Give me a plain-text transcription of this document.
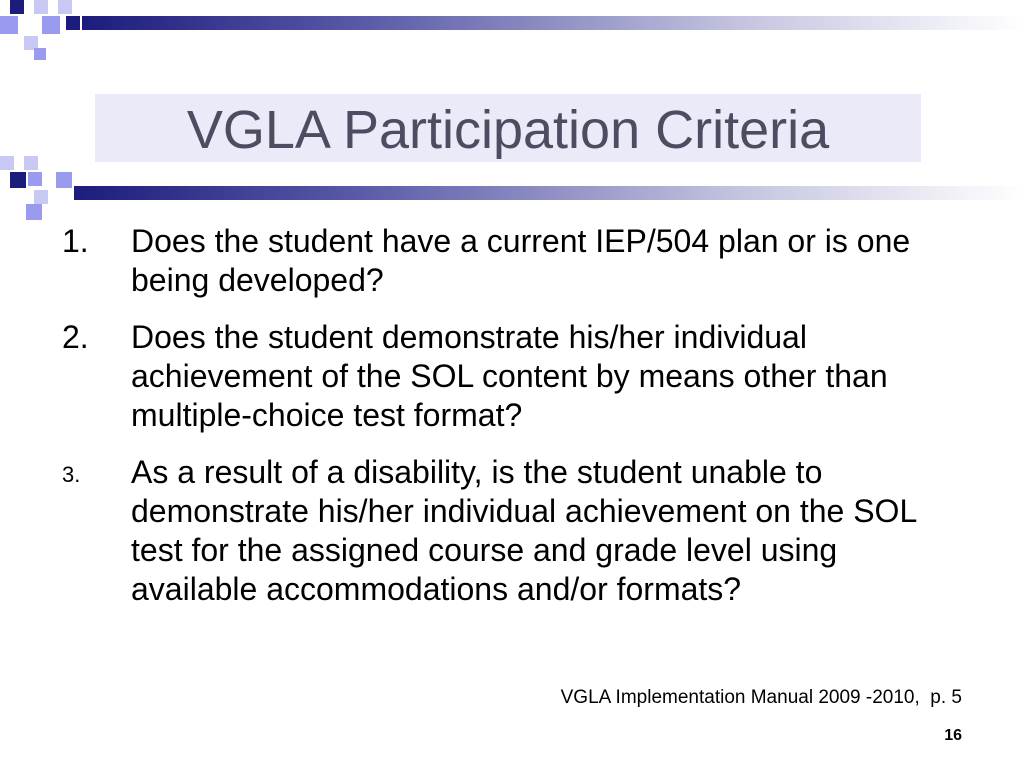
VGLA Participation Criteria
1. Does the student have a current IEP/504 plan or is one being developed?
2. Does the student demonstrate his/her individual achievement of the SOL content by means other than multiple-choice test format?
3. As a result of a disability, is the student unable to demonstrate his/her individual achievement on the SOL test for the assigned course and grade level using available accommodations and/or formats?
VGLA Implementation Manual 2009 -2010,  p. 5
16
